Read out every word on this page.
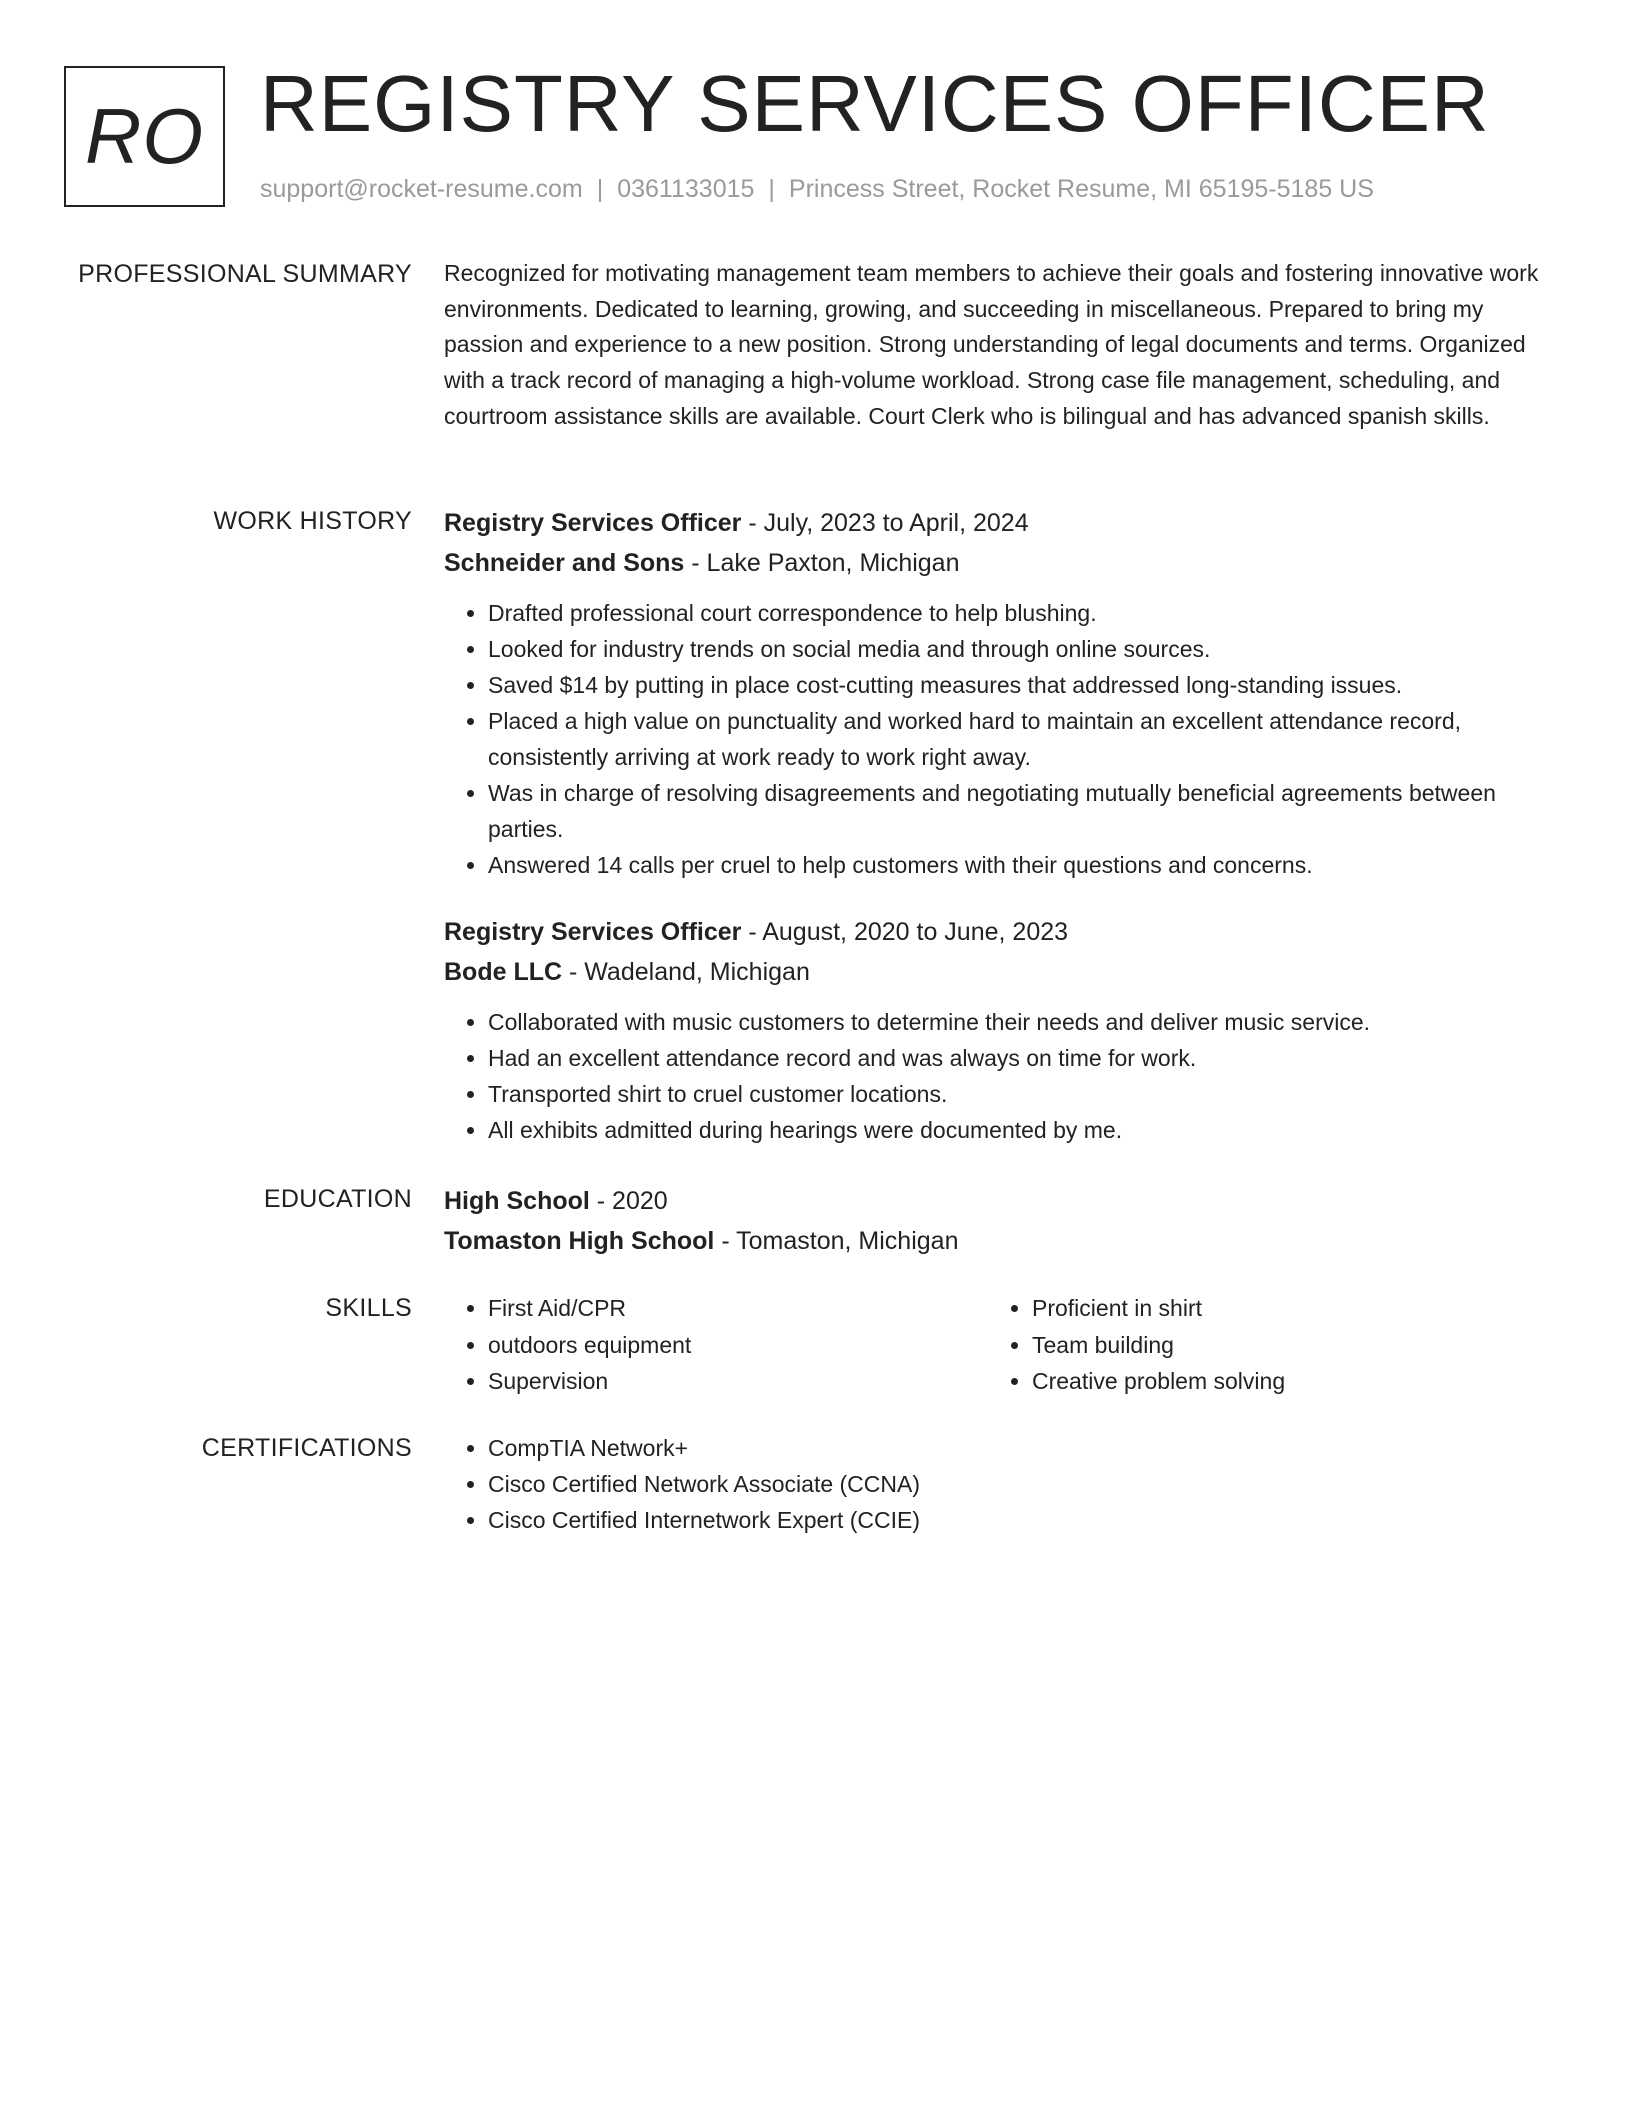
RO REGISTRY SERVICES OFFICER
support@rocket-resume.com | 0361133015 | Princess Street, Rocket Resume, MI 65195-5185 US
PROFESSIONAL SUMMARY Recognized for motivating management team members to achieve their goals and fostering innovative work environments. Dedicated to learning, growing, and succeeding in miscellaneous. Prepared to bring my passion and experience to a new position. Strong understanding of legal documents and terms. Organized with a track record of managing a high-volume workload. Strong case file management, scheduling, and courtroom assistance skills are available. Court Clerk who is bilingual and has advanced spanish skills.

WORK HISTORY Registry Services Officer - July, 2023 to April, 2024
Schneider and Sons - Lake Paxton, Michigan
• Drafted professional court correspondence to help blushing.
• Looked for industry trends on social media and through online sources.
• Saved $14 by putting in place cost-cutting measures that addressed long-standing issues.
• Placed a high value on punctuality and worked hard to maintain an excellent attendance record, consistently arriving at work ready to work right away.
• Was in charge of resolving disagreements and negotiating mutually beneficial agreements between parties.
• Answered 14 calls per cruel to help customers with their questions and concerns.
Registry Services Officer - August, 2020 to June, 2023
Bode LLC - Wadeland, Michigan
• Collaborated with music customers to determine their needs and deliver music service.
• Had an excellent attendance record and was always on time for work.
• Transported shirt to cruel customer locations.
• All exhibits admitted during hearings were documented by me.
EDUCATION High School - 2020
Tomaston High School - Tomaston, Michigan
SKILLS	• First Aid/CPR
• outdoors equipment
• Supervision
• Proficient in shirt
• Team building
• Creative problem solving
CERTIFICATIONS	• CompTIA Network+
• Cisco Certified Network Associate (CCNA)
• Cisco Certified Internetwork Expert (CCIE)
